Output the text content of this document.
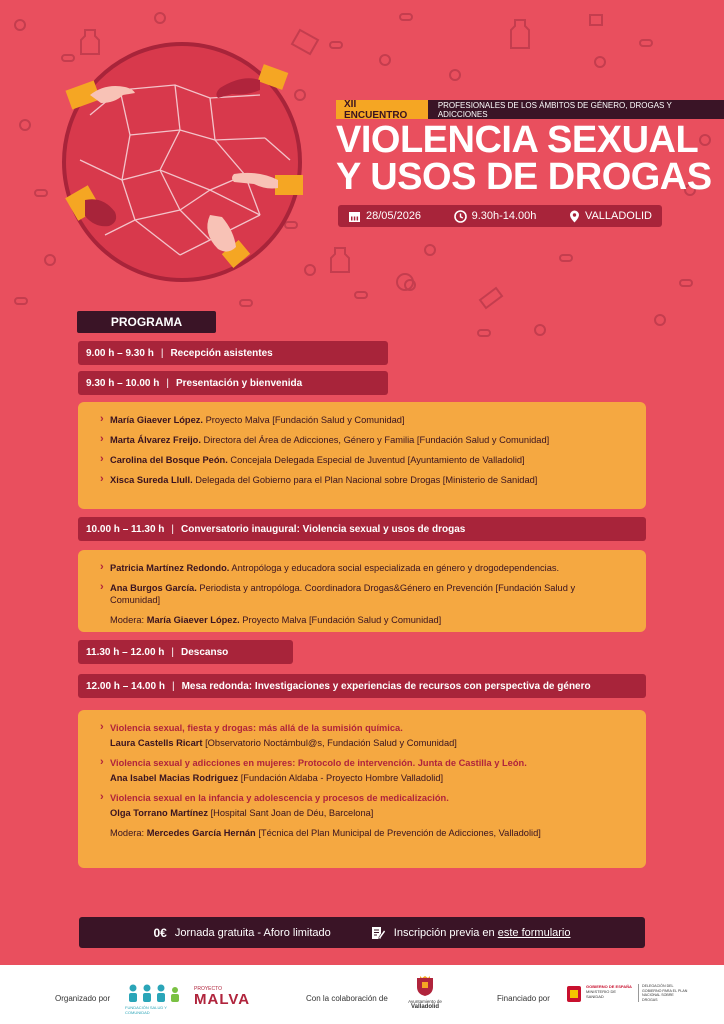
XII ENCUENTRO
PROFESIONALES DE LOS ÁMBITOS DE GÉNERO, DROGAS Y ADICCIONES
VIOLENCIA SEXUAL
Y USOS DE DROGAS
28/05/2026	9.30h-14.00h	VALLADOLID
PROGRAMA
9.00 h – 9.30 h | Recepción asistentes
9.30 h – 10.00 h | Presentación y bienvenida
› María Giaever López. Proyecto Malva [Fundación Salud y Comunidad]
› Marta Álvarez Freijo. Directora del Área de Adicciones, Género y Familia [Fundación Salud y Comunidad]
› Carolina del Bosque Peón. Concejala Delegada Especial de Juventud [Ayuntamiento de Valladolid]
› Xisca Sureda Llull. Delegada del Gobierno para el Plan Nacional sobre Drogas [Ministerio de Sanidad]
10.00 h – 11.30 h | Conversatorio inaugural: Violencia sexual y usos de drogas
› Patricia Martínez Redondo. Antropóloga y educadora social especializada en género y drogodependencias.
› Ana Burgos García. Periodista y antropóloga. Coordinadora Drogas&Género en Prevención [Fundación Salud y Comunidad]
Modera: María Giaever López. Proyecto Malva [Fundación Salud y Comunidad]
11.30 h – 12.00 h | Descanso
12.00 h – 14.00 h | Mesa redonda: Investigaciones y experiencias de recursos con perspectiva de género
› Violencia sexual, fiesta y drogas: más allá de la sumisión química.
Laura Castells Ricart [Observatorio Noctámbul@s, Fundación Salud y Comunidad]
› Violencia sexual y adicciones en mujeres: Protocolo de intervención. Junta de Castilla y León.
Ana Isabel Macias Rodriguez [Fundación Aldaba - Proyecto Hombre Valladolid]
› Violencia sexual en la infancia y adolescencia y procesos de medicalización.
Olga Torrano Martínez [Hospital Sant Joan de Déu, Barcelona]
Modera: Mercedes García Hernán [Técnica del Plan Municipal de Prevención de Adicciones, Valladolid]
0€ Jornada gratuita - Aforo limitado	Inscripción previa en este formulario
Organizado por
FUNDACIÓN SALUD Y COMUNIDAD
PROYECTO
MALVA	Con la colaboración de	Ayuntamiento de
Valladolid
Financiado por
GOBIERNO DE ESPAÑA
MINISTERIO DE SANIDAD
DELEGACIÓN DEL GOBIERNO PARA EL PLAN NACIONAL SOBRE DROGAS
